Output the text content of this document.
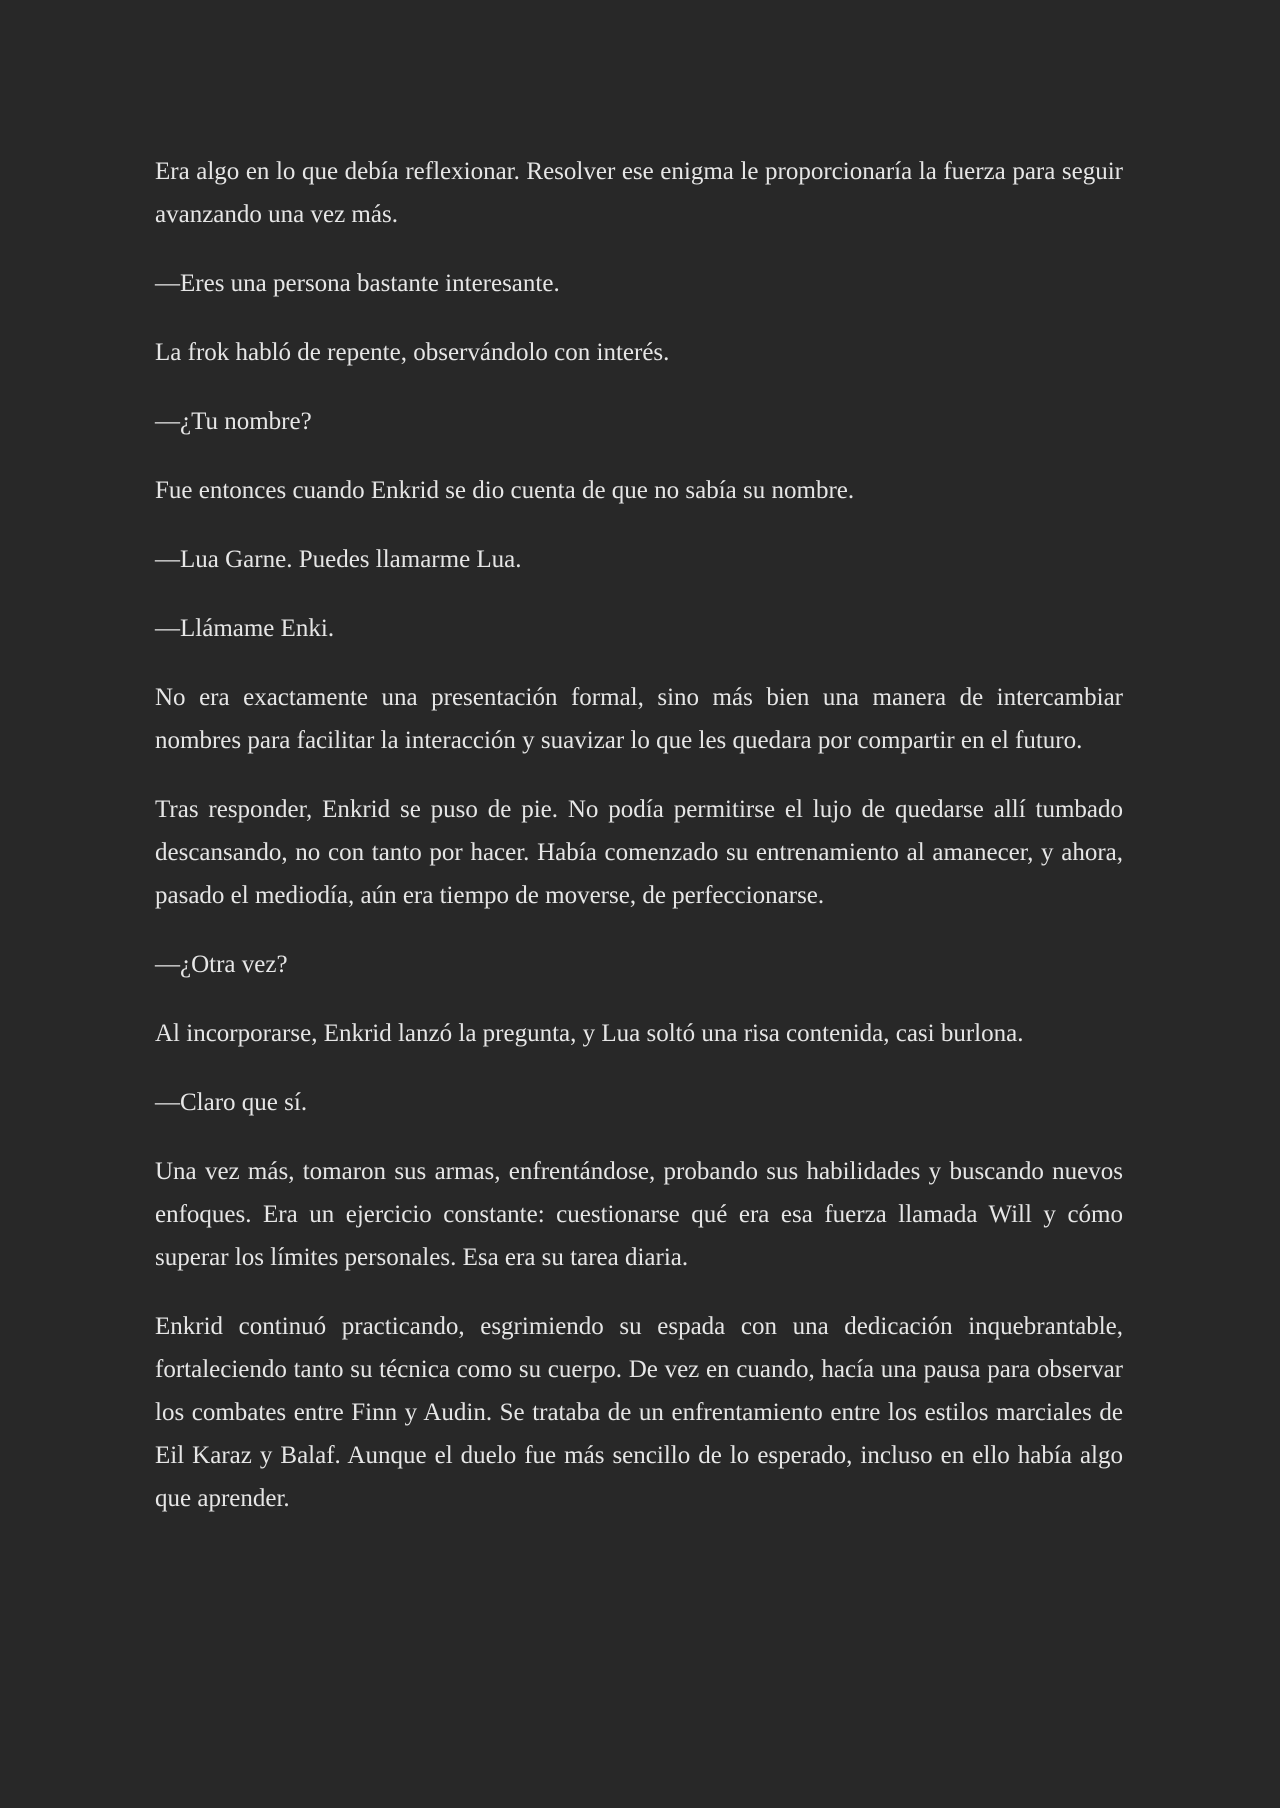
Era algo en lo que debía reflexionar. Resolver ese enigma le proporcionaría la fuerza para seguir avanzando una vez más.

—Eres una persona bastante interesante.

La frok habló de repente, observándolo con interés.

—¿Tu nombre?

Fue entonces cuando Enkrid se dio cuenta de que no sabía su nombre.

—Lua Garne. Puedes llamarme Lua.

—Llámame Enki.

No era exactamente una presentación formal, sino más bien una manera de intercambiar nombres para facilitar la interacción y suavizar lo que les quedara por compartir en el futuro.

Tras responder, Enkrid se puso de pie. No podía permitirse el lujo de quedarse allí tumbado descansando, no con tanto por hacer. Había comenzado su entrenamiento al amanecer, y ahora, pasado el mediodía, aún era tiempo de moverse, de perfeccionarse.

—¿Otra vez?

Al incorporarse, Enkrid lanzó la pregunta, y Lua soltó una risa contenida, casi burlona.

—Claro que sí.

Una vez más, tomaron sus armas, enfrentándose, probando sus habilidades y buscando nuevos enfoques. Era un ejercicio constante: cuestionarse qué era esa fuerza llamada Will y cómo superar los límites personales. Esa era su tarea diaria.

Enkrid continuó practicando, esgrimiendo su espada con una dedicación inquebrantable, fortaleciendo tanto su técnica como su cuerpo. De vez en cuando, hacía una pausa para observar los combates entre Finn y Audin. Se trataba de un enfrentamiento entre los estilos marciales de Eil Karaz y Balaf. Aunque el duelo fue más sencillo de lo esperado, incluso en ello había algo que aprender.
